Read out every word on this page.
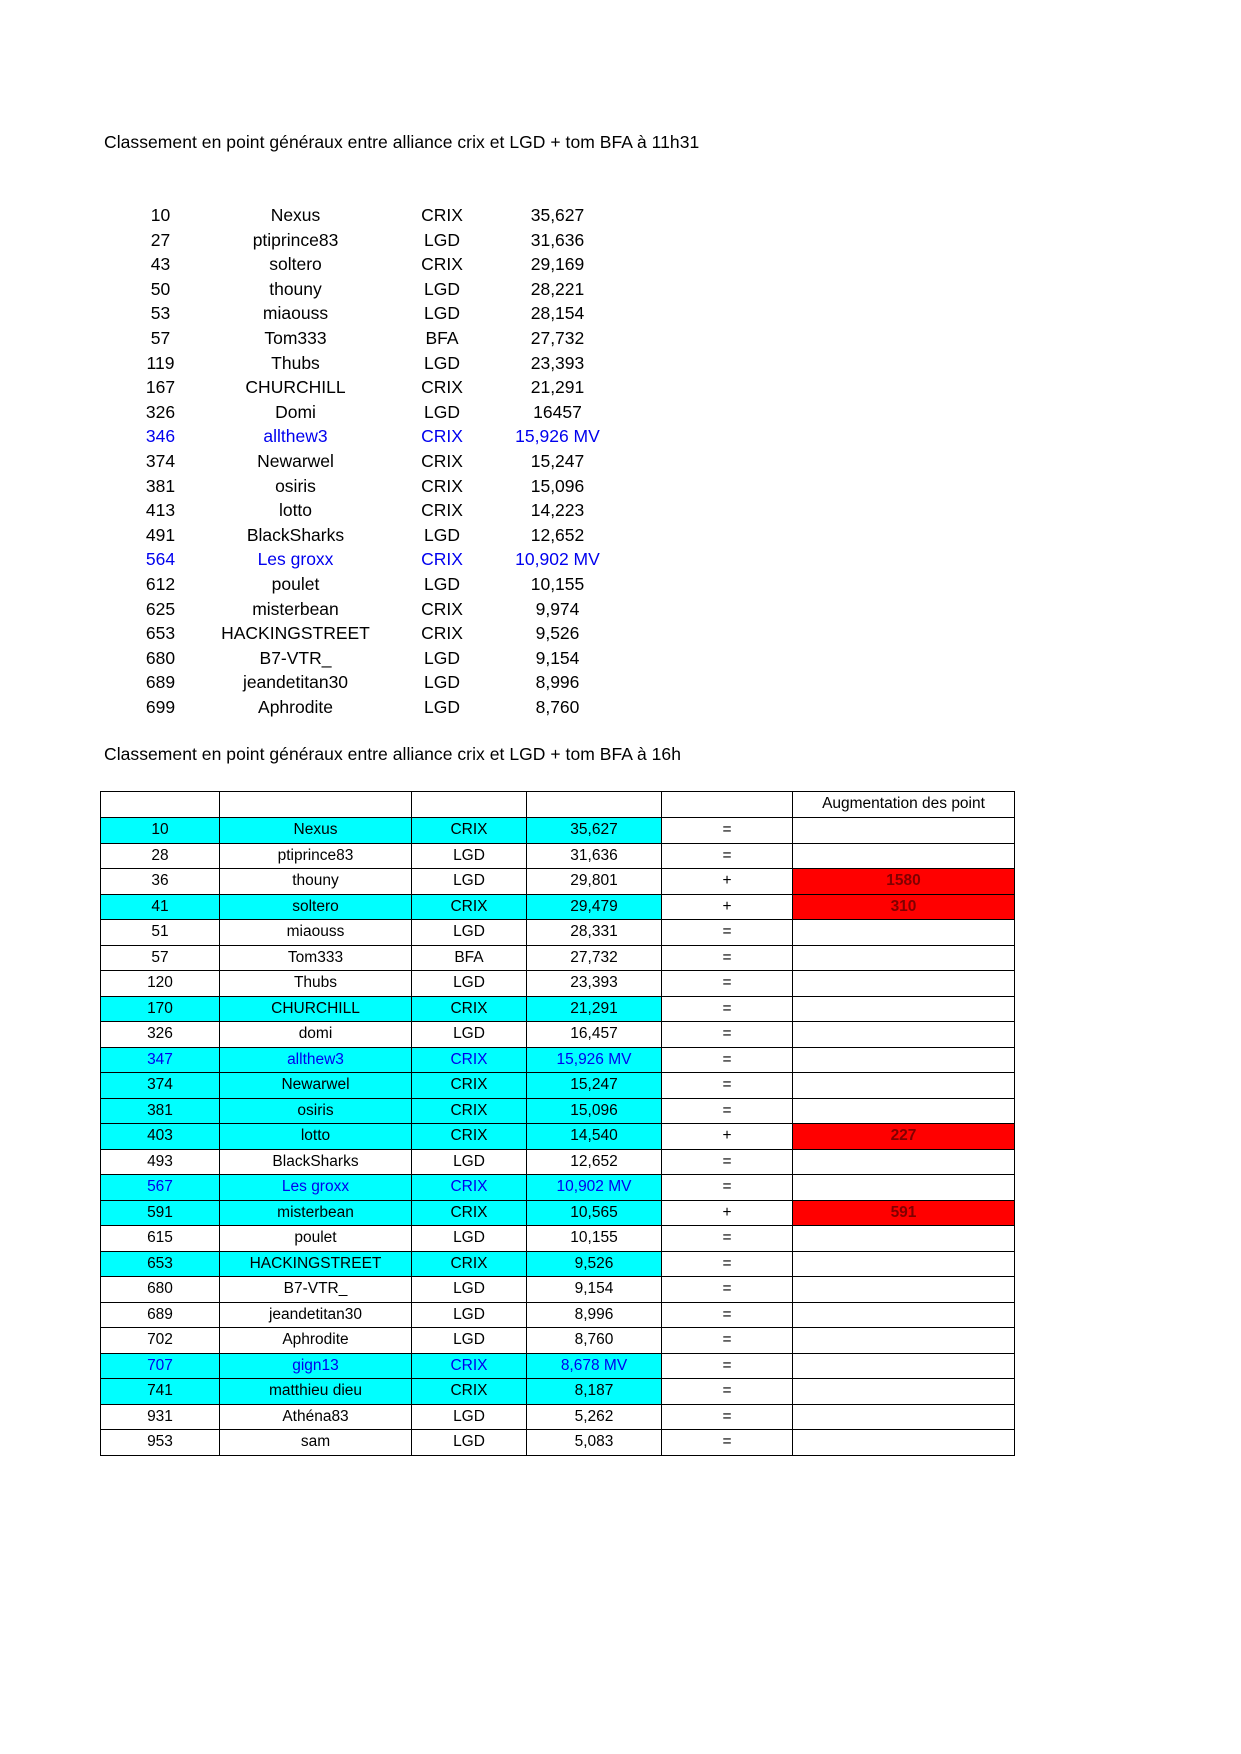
Classement en point généraux entre alliance crix et LGD + tom BFA à 11h31
10	Nexus	CRIX	35,627
27	ptiprince83	LGD	31,636
43	soltero	CRIX	29,169
50	thouny	LGD	28,221
53	miaouss	LGD	28,154
57	Tom333	BFA	27,732
119	Thubs	LGD	23,393
167	CHURCHILL	CRIX	21,291
326	Domi	LGD	16457
346	allthew3	CRIX	15,926 MV
374	Newarwel	CRIX	15,247
381	osiris	CRIX	15,096
413	lotto	CRIX	14,223
491	BlackSharks	LGD	12,652
564	Les groxx	CRIX	10,902 MV
612	poulet	LGD	10,155
625	misterbean	CRIX	9,974
653	HACKINGSTREET	CRIX	9,526
680	B7-VTR_	LGD	9,154
689	jeandetitan30	LGD	8,996
699	Aphrodite	LGD	8,760
Classement en point généraux entre alliance crix et LGD + tom BFA à 16h
					Augmentation des point
10	Nexus	CRIX	35,627	=	
28	ptiprince83	LGD	31,636	=	
36	thouny	LGD	29,801	+	1580
41	soltero	CRIX	29,479	+	310
51	miaouss	LGD	28,331	=	
57	Tom333	BFA	27,732	=	
120	Thubs	LGD	23,393	=	
170	CHURCHILL	CRIX	21,291	=	
326	domi	LGD	16,457	=	
347	allthew3	CRIX	15,926 MV	=	
374	Newarwel	CRIX	15,247	=	
381	osiris	CRIX	15,096	=	
403	lotto	CRIX	14,540	+	227
493	BlackSharks	LGD	12,652	=	
567	Les groxx	CRIX	10,902 MV	=	
591	misterbean	CRIX	10,565	+	591
615	poulet	LGD	10,155	=	
653	HACKINGSTREET	CRIX	9,526	=	
680	B7-VTR_	LGD	9,154	=	
689	jeandetitan30	LGD	8,996	=	
702	Aphrodite	LGD	8,760	=	
707	gign13	CRIX	8,678 MV	=	
741	matthieu dieu	CRIX	8,187	=	
931	Athéna83	LGD	5,262	=	
953	sam	LGD	5,083	=	
